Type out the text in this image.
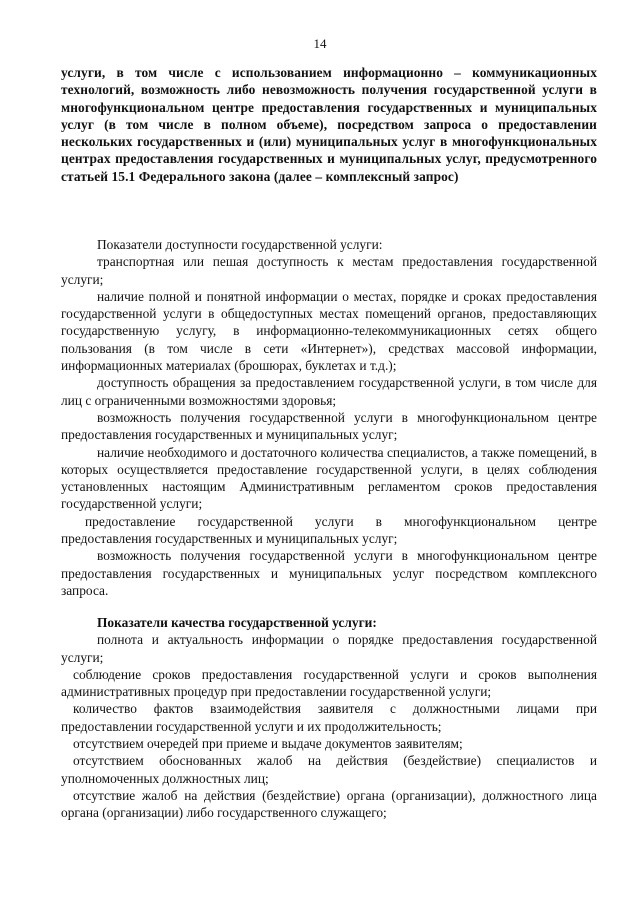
14

услуги, в том числе с использованием информационно – коммуникационных технологий, возможность либо невозможность получения государственной услуги в многофункциональном центре предоставления государственных и муниципальных услуг (в том числе в полном объеме), посредством запроса о предоставлении нескольких государственных и (или) муниципальных услуг в многофункциональных центрах предоставления государственных и муниципальных услуг, предусмотренного статьей 15.1 Федерального закона (далее – комплексный запрос)

Показатели доступности государственной услуги:

транспортная или пешая доступность к местам предоставления государственной услуги;

наличие полной и понятной информации о местах, порядке и сроках предоставления государственной услуги в общедоступных местах помещений органов, предоставляющих государственную услугу, в информационно-телекоммуникационных сетях общего пользования (в том числе в сети «Интернет»), средствах массовой информации, информационных материалах (брошюрах, буклетах и т.д.);

доступность обращения за предоставлением государственной услуги, в том числе для лиц с ограниченными возможностями здоровья;

возможность получения государственной услуги в многофункциональном центре предоставления государственных и муниципальных услуг;

наличие необходимого и достаточного количества специалистов, а также помещений, в которых осуществляется предоставление государственной услуги, в целях соблюдения установленных настоящим Административным регламентом сроков предоставления государственной услуги;

предоставление государственной услуги в многофункциональном центре предоставления государственных и муниципальных услуг;

возможность получения государственной услуги в многофункциональном центре предоставления государственных и муниципальных услуг посредством комплексного запроса.

Показатели качества государственной услуги:

полнота и актуальность информации о порядке предоставления государственной услуги;

соблюдение сроков предоставления государственной услуги и сроков выполнения административных процедур при предоставлении государственной услуги;

количество фактов взаимодействия заявителя с должностными лицами при предоставлении государственной услуги и их продолжительность;

отсутствием очередей при приеме и выдаче документов заявителям;

отсутствием обоснованных жалоб на действия (бездействие) специалистов и уполномоченных должностных лиц;

отсутствие жалоб на действия (бездействие) органа (организации), должностного лица органа (организации) либо государственного служащего;
